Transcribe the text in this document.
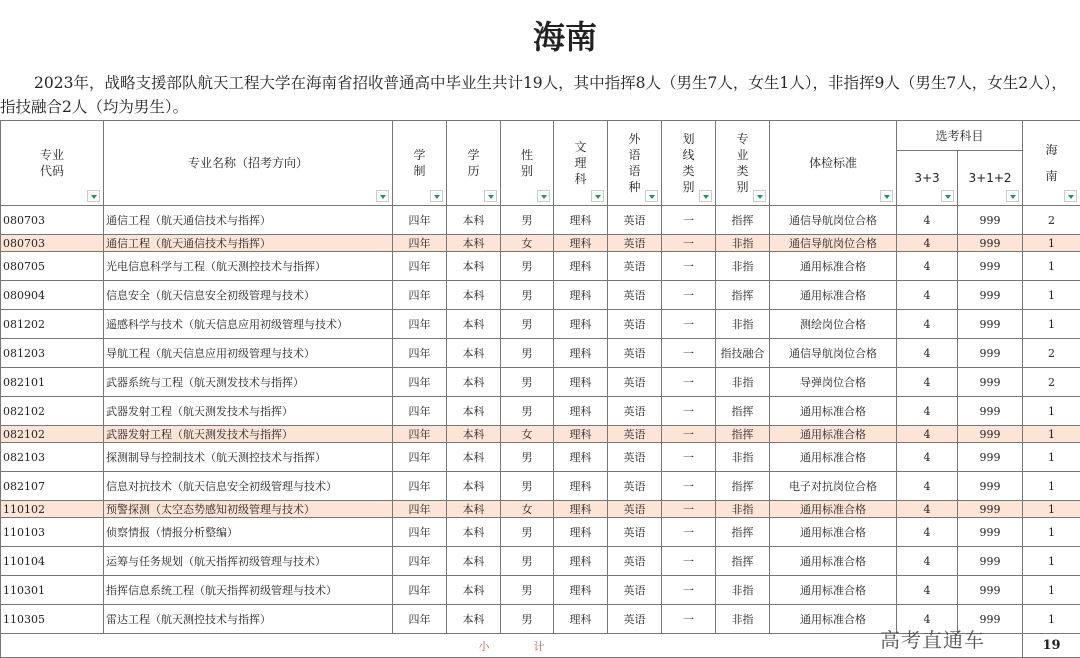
海南

2023年，战略支援部队航天工程大学在海南省招收普通高中毕业生共计19人，其中指挥8人（男生7人，女生1人），非指挥9人（男生7人，女生2人），指技融合2人（均为男生）。

专业代码	专业名称（招考方向）	学制	学历	性别	文理科	外语语种	划线类别	专业类别	体检标准	选考科目		海南

										3+3	3+1+2	

080703	通信工程（航天通信技术与指挥）	四年	本科	男	理科	英语	一	指挥	通信导航岗位合格	4	999	2
080703	通信工程（航天通信技术与指挥）	四年	本科	女	理科	英语	一	非指	通信导航岗位合格	4	999	1
080705	光电信息科学与工程（航天测控技术与指挥）	四年	本科	男	理科	英语	一	非指	通用标准合格	4	999	1
080904	信息安全（航天信息安全初级管理与技术）	四年	本科	男	理科	英语	一	指挥	通用标准合格	4	999	1
081202	遥感科学与技术（航天信息应用初级管理与技术）	四年	本科	男	理科	英语	一	非指	测绘岗位合格	4	999	1
081203	导航工程（航天信息应用初级管理与技术）	四年	本科	男	理科	英语	一	指技融合	通信导航岗位合格	4	999	2
082101	武器系统与工程（航天测发技术与指挥）	四年	本科	男	理科	英语	一	非指	导弹岗位合格	4	999	2
082102	武器发射工程（航天测发技术与指挥）	四年	本科	男	理科	英语	一	指挥	通用标准合格	4	999	1
082102	武器发射工程（航天测发技术与指挥）	四年	本科	女	理科	英语	一	指挥	通用标准合格	4	999	1
082103	探测制导与控制技术（航天测控技术与指挥）	四年	本科	男	理科	英语	一	非指	通用标准合格	4	999	1
082107	信息对抗技术（航天信息安全初级管理与技术）	四年	本科	男	理科	英语	一	指挥	电子对抗岗位合格	4	999	1
110102	预警探测（太空态势感知初级管理与技术）	四年	本科	女	理科	英语	一	非指	通用标准合格	4	999	1
110103	侦察情报（情报分析整编）	四年	本科	男	理科	英语	一	指挥	通用标准合格	4	999	1
110104	运筹与任务规划（航天指挥初级管理与技术）	四年	本科	男	理科	英语	一	指挥	通用标准合格	4	999	1
110301	指挥信息系统工程（航天指挥初级管理与技术）	四年	本科	男	理科	英语	一	非指	通用标准合格	4	999	1
110305	雷达工程（航天测控技术与指挥）	四年	本科	男	理科	英语	一	非指	通用标准合格	4	999	1
小　　　　计												19
高考直通车
